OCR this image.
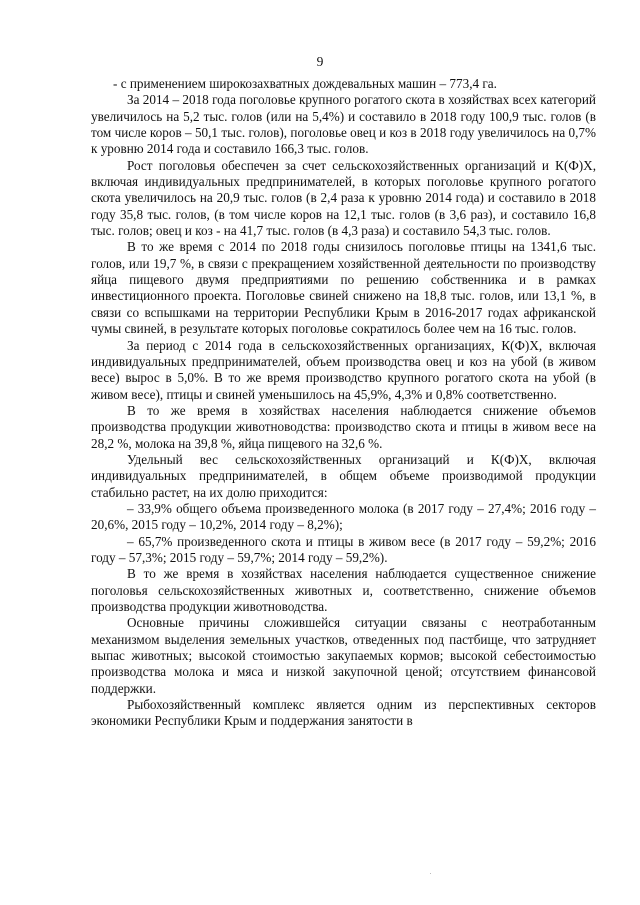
9

- с применением широкозахватных дождевальных машин – 773,4 га.

За 2014 – 2018 года поголовье крупного рогатого скота в хозяйствах всех категорий увеличилось на 5,2 тыс. голов (или на 5,4%) и составило в 2018 году 100,9 тыс. голов (в том числе коров – 50,1 тыс. голов), поголовье овец и коз в 2018 году увеличилось на 0,7% к уровню 2014 года и составило 166,3 тыс. голов.

Рост поголовья обеспечен за счет сельскохозяйственных организаций и К(Ф)Х, включая индивидуальных предпринимателей, в которых поголовье крупного рогатого скота увеличилось на 20,9 тыс. голов (в 2,4 раза к уровню 2014 года) и составило в 2018 году 35,8 тыс. голов, (в том числе коров на 12,1 тыс. голов (в 3,6 раз), и составило 16,8 тыс. голов; овец и коз - на 41,7 тыс. голов (в 4,3 раза) и составило 54,3 тыс. голов.

В то же время с 2014 по 2018 годы снизилось поголовье птицы на 1341,6 тыс. голов, или 19,7 %, в связи с прекращением хозяйственной деятельности по производству яйца пищевого двумя предприятиями по решению собственника и в рамках инвестиционного проекта. Поголовье свиней снижено на 18,8 тыс. голов, или 13,1 %, в связи со вспышками на территории Республики Крым в 2016-2017 годах африканской чумы свиней, в результате которых поголовье сократилось более чем на 16 тыс. голов.

За период с 2014 года в сельскохозяйственных организациях, К(Ф)Х, включая индивидуальных предпринимателей, объем производства овец и коз на убой (в живом весе) вырос в 5,0%. В то же время производство крупного рогатого скота на убой (в живом весе), птицы и свиней уменьшилось на 45,9%, 4,3% и 0,8% соответственно.

В то же время в хозяйствах населения наблюдается снижение объемов производства продукции животноводства: производство скота и птицы в живом весе на 28,2 %, молока на 39,8 %, яйца пищевого на 32,6 %.

Удельный вес сельскохозяйственных организаций и К(Ф)Х, включая индивидуальных предпринимателей, в общем объеме производимой продукции стабильно растет, на их долю приходится:

– 33,9% общего объема произведенного молока (в 2017 году – 27,4%; 2016 году – 20,6%, 2015 году – 10,2%, 2014 году – 8,2%);

– 65,7% произведенного скота и птицы в живом весе (в 2017 году – 59,2%; 2016 году – 57,3%; 2015 году – 59,7%; 2014 году – 59,2%).

В то же время в хозяйствах населения наблюдается существенное снижение поголовья сельскохозяйственных животных и, соответственно, снижение объемов производства продукции животноводства.

Основные причины сложившейся ситуации связаны с неотработанным механизмом выделения земельных участков, отведенных под пастбище, что затрудняет выпас животных; высокой стоимостью закупаемых кормов; высокой себестоимостью производства молока и мяса и низкой закупочной ценой; отсутствием финансовой поддержки.

Рыбохозяйственный комплекс является одним из перспективных секторов экономики Республики Крым и поддержания занятости в
